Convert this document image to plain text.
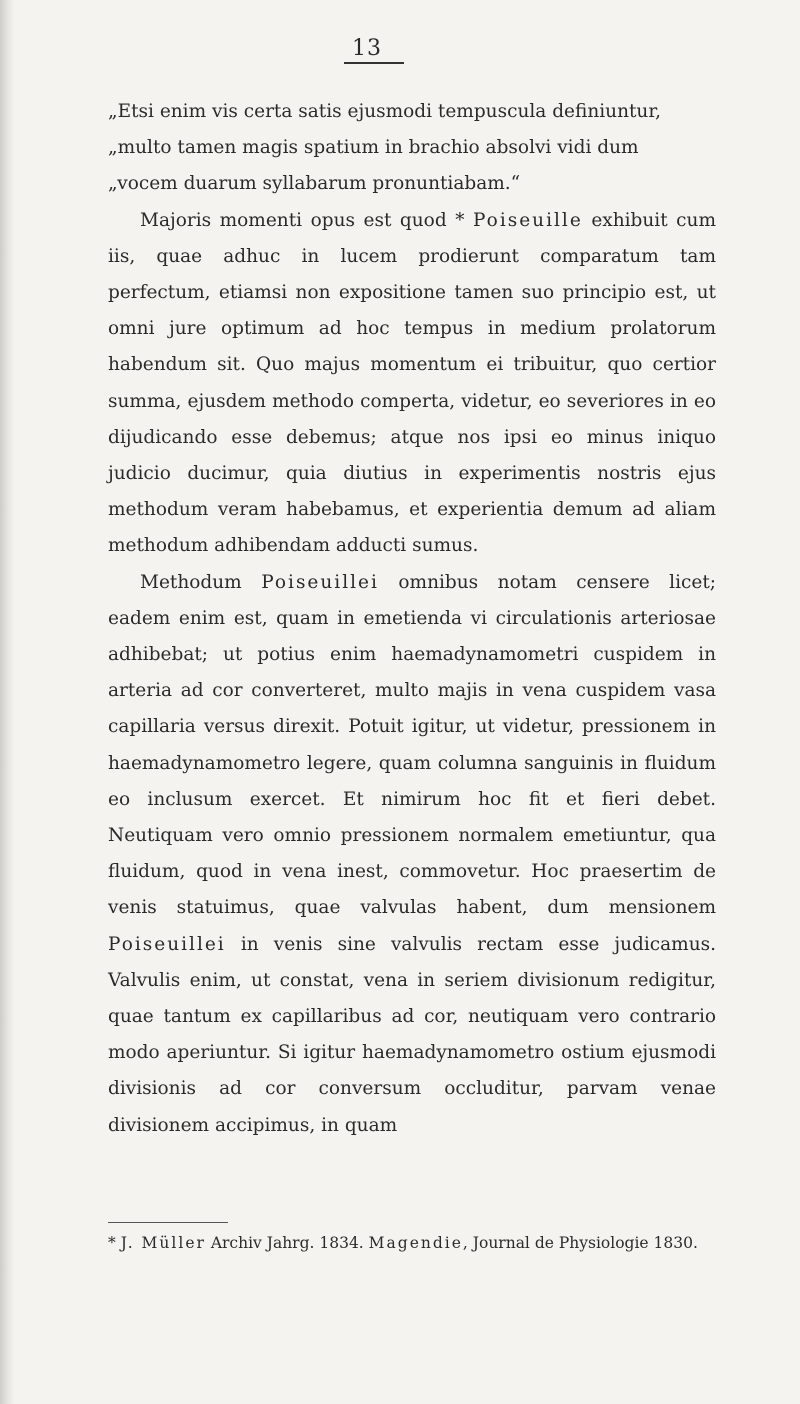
13

„Etsi enim vis certa satis ejusmodi tempuscula definiuntur,
„multo tamen magis spatium in brachio absolvi vidi dum
„vocem duarum syllabarum pronuntiabam.“

Majoris momenti opus est quod * Poiseuille exhibuit cum iis, quae adhuc in lucem prodierunt comparatum tam perfectum, etiamsi non expositione tamen suo principio est, ut omni jure optimum ad hoc tempus in medium prolatorum habendum sit. Quo majus momentum ei tribuitur, quo certior summa, ejusdem methodo comperta, videtur, eo severiores in eo dijudicando esse debemus; atque nos ipsi eo minus iniquo judicio ducimur, quia diutius in experimentis nostris ejus methodum veram habebamus, et experientia demum ad aliam methodum adhibendam adducti sumus.

Methodum Poiseuillei omnibus notam censere licet; eadem enim est, quam in emetienda vi circulationis arteriosae adhibebat; ut potius enim haemadynamometri cuspidem in arteria ad cor converteret, multo majis in vena cuspidem vasa capillaria versus direxit. Potuit igitur, ut videtur, pressionem in haemadynamometro legere, quam columna sanguinis in fluidum eo inclusum exercet. Et nimirum hoc fit et fieri debet. Neutiquam vero omnio pressionem normalem emetiuntur, qua fluidum, quod in vena inest, commovetur. Hoc praesertim de venis statuimus, quae valvulas habent, dum mensionem Poiseuillei in venis sine valvulis rectam esse judicamus. Valvulis enim, ut constat, vena in seriem divisionum redigitur, quae tantum ex capillaribus ad cor, neutiquam vero contrario modo aperiuntur. Si igitur haemadynamometro ostium ejusmodi divisionis ad cor conversum occluditur, parvam venae divisionem accipimus, in quam

* J. Müller Archiv Jahrg. 1834. Magendie, Journal de Physiologie 1830.
